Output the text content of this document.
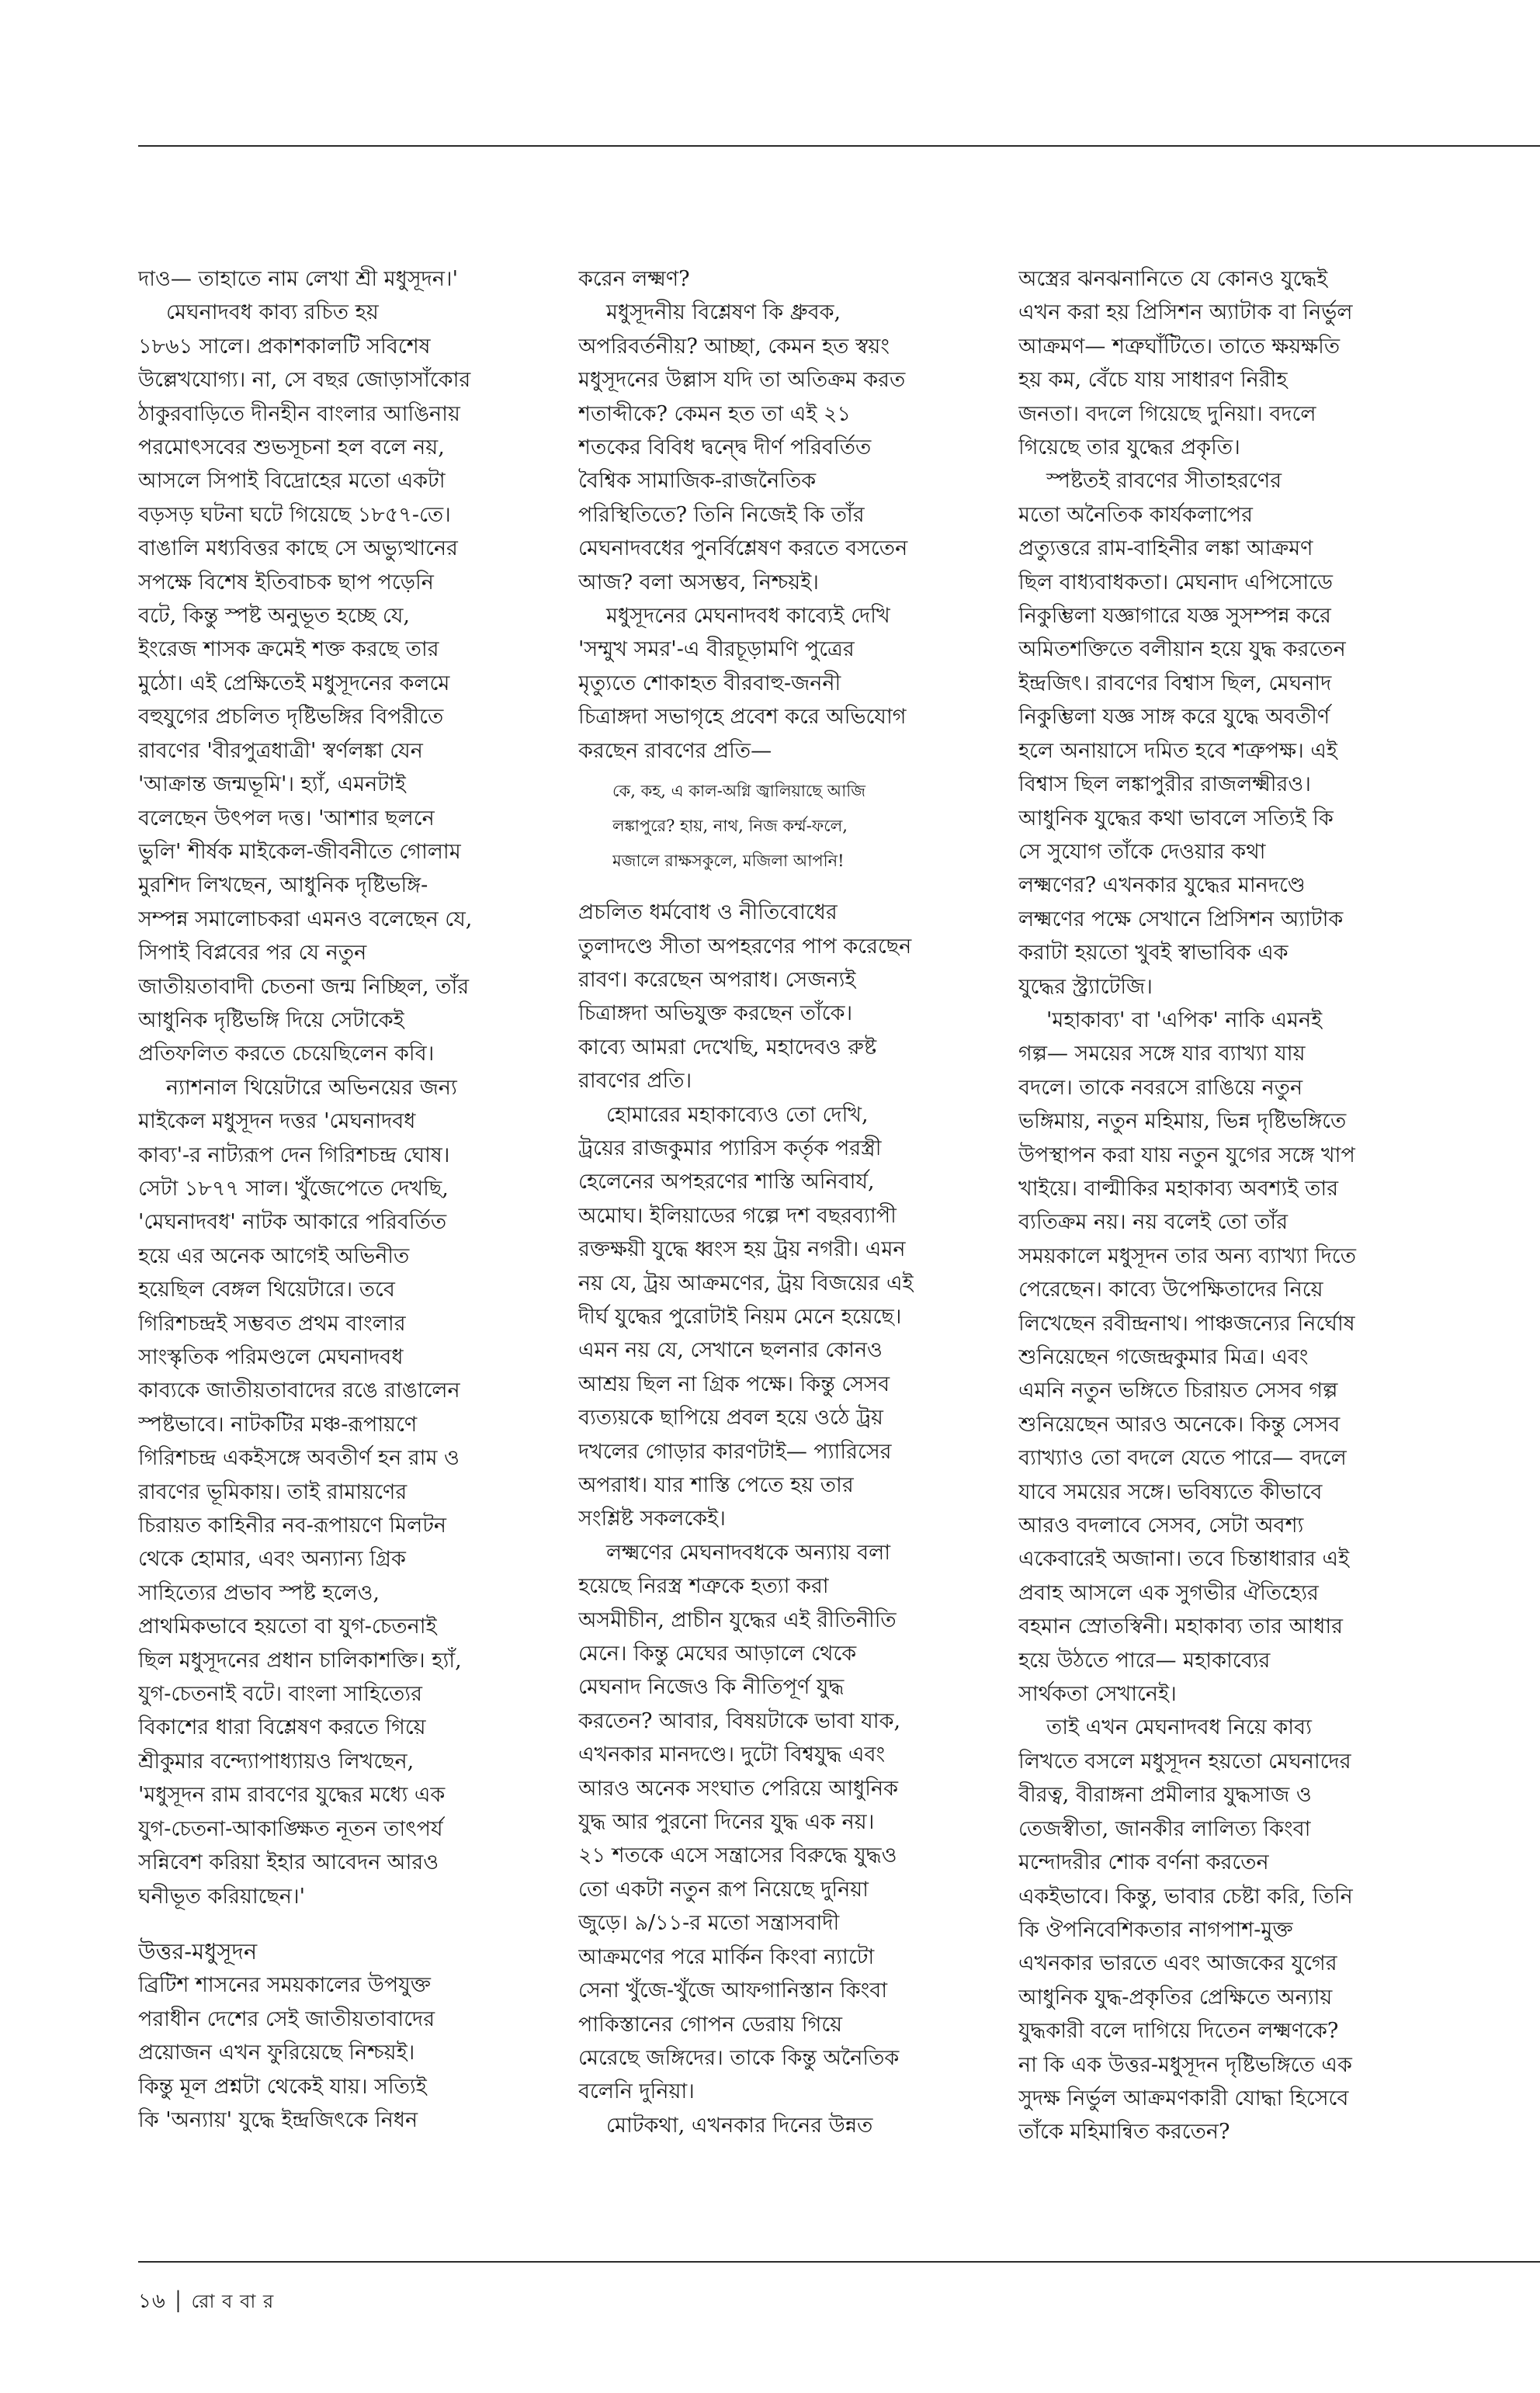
দাও— তাহাতে নাম লেখা শ্রী মধুসূদন।'
মেঘনাদবধ কাব্য রচিত হয়
১৮৬১ সালে। প্রকাশকালটি সবিশেষ
উল্লেখযোগ্য। না, সে বছর জোড়াসাঁকোর
ঠাকুরবাড়িতে দীনহীন বাংলার আঙিনায়
পরমোৎসবের শুভসূচনা হল বলে নয়,
আসলে সিপাই বিদ্রোহের মতো একটা
বড়সড় ঘটনা ঘটে গিয়েছে ১৮৫৭-তে।
বাঙালি মধ্যবিত্তর কাছে সে অভ্যুত্থানের
সপক্ষে বিশেষ ইতিবাচক ছাপ পড়েনি
বটে, কিন্তু স্পষ্ট অনুভূত হচ্ছে যে,
ইংরেজ শাসক ক্রমেই শক্ত করছে তার
মুঠো। এই প্রেক্ষিতেই মধুসূদনের কলমে
বহুযুগের প্রচলিত দৃষ্টিভঙ্গির বিপরীতে
রাবণের 'বীরপুত্রধাত্রী' স্বর্ণলঙ্কা যেন
'আক্রান্ত জন্মভূমি'। হ্যাঁ, এমনটাই
বলেছেন উৎপল দত্ত। 'আশার ছলনে
ভুলি' শীর্ষক মাইকেল-জীবনীতে গোলাম
মুরশিদ লিখছেন, আধুনিক দৃষ্টিভঙ্গি-
সম্পন্ন সমালোচকরা এমনও বলেছেন যে,
সিপাই বিপ্লবের পর যে নতুন
জাতীয়তাবাদী চেতনা জন্ম নিচ্ছিল, তাঁর
আধুনিক দৃষ্টিভঙ্গি দিয়ে সেটাকেই
প্রতিফলিত করতে চেয়েছিলেন কবি।
ন্যাশনাল থিয়েটারে অভিনয়ের জন্য
মাইকেল মধুসূদন দত্তর 'মেঘনাদবধ
কাব্য'-র নাট্যরূপ দেন গিরিশচন্দ্র ঘোষ।
সেটা ১৮৭৭ সাল। খুঁজেপেতে দেখছি,
'মেঘনাদবধ' নাটক আকারে পরিবর্তিত
হয়ে এর অনেক আগেই অভিনীত
হয়েছিল বেঙ্গল থিয়েটারে। তবে
গিরিশচন্দ্রই সম্ভবত প্রথম বাংলার
সাংস্কৃতিক পরিমণ্ডলে মেঘনাদবধ
কাব্যকে জাতীয়তাবাদের রঙে রাঙালেন
স্পষ্টভাবে। নাটকটির মঞ্চ-রূপায়ণে
গিরিশচন্দ্র একইসঙ্গে অবতীর্ণ হন রাম ও
রাবণের ভূমিকায়। তাই রামায়ণের
চিরায়ত কাহিনীর নব-রূপায়ণে মিলটন
থেকে হোমার, এবং অন্যান্য গ্রিক
সাহিত্যের প্রভাব স্পষ্ট হলেও,
প্রাথমিকভাবে হয়তো বা যুগ-চেতনাই
ছিল মধুসূদনের প্রধান চালিকাশক্তি। হ্যাঁ,
যুগ-চেতনাই বটে। বাংলা সাহিত্যের
বিকাশের ধারা বিশ্লেষণ করতে গিয়ে
শ্রীকুমার বন্দ্যোপাধ্যায়ও লিখছেন,
'মধুসূদন রাম রাবণের যুদ্ধের মধ্যে এক
যুগ-চেতনা-আকাঙ্ক্ষিত নূতন তাৎপর্য
সন্নিবেশ করিয়া ইহার আবেদন আরও
ঘনীভূত করিয়াছেন।'
উত্তর-মধুসূদন
ব্রিটিশ শাসনের সময়কালের উপযুক্ত
পরাধীন দেশের সেই জাতীয়তাবাদের
প্রয়োজন এখন ফুরিয়েছে নিশ্চয়ই।
কিন্তু মূল প্রশ্নটা থেকেই যায়। সত্যিই
কি 'অন্যায়' যুদ্ধে ইন্দ্রজিৎকে নিধন
করেন লক্ষ্মণ?
মধুসূদনীয় বিশ্লেষণ কি ধ্রুবক,
অপরিবর্তনীয়? আচ্ছা, কেমন হত স্বয়ং
মধুসূদনের উল্লাস যদি তা অতিক্রম করত
শতাব্দীকে? কেমন হত তা এই ২১
শতকের বিবিধ দ্বন্দ্বে দীর্ণ পরিবর্তিত
বৈশ্বিক সামাজিক-রাজনৈতিক
পরিস্থিতিতে? তিনি নিজেই কি তাঁর
মেঘনাদবধের পুনর্বিশ্লেষণ করতে বসতেন
আজ? বলা অসম্ভব, নিশ্চয়ই।
মধুসূদনের মেঘনাদবধ কাব্যেই দেখি
'সম্মুখ সমর'-এ বীরচূড়ামণি পুত্রের
মৃত্যুতে শোকাহত বীরবাহু-জননী
চিত্রাঙ্গদা সভাগৃহে প্রবেশ করে অভিযোগ
করছেন রাবণের প্রতি—
কে, কহ, এ কাল-অগ্নি জ্বালিয়াছে আজি
লঙ্কাপুরে? হায়, নাথ, নিজ কর্ম্ম-ফলে,
মজালে রাক্ষসকুলে, মজিলা আপনি!
প্রচলিত ধর্মবোধ ও নীতিবোধের
তুলাদণ্ডে সীতা অপহরণের পাপ করেছেন
রাবণ। করেছেন অপরাধ। সেজন্যই
চিত্রাঙ্গদা অভিযুক্ত করছেন তাঁকে।
কাব্যে আমরা দেখেছি, মহাদেবও রুষ্ট
রাবণের প্রতি।
হোমারের মহাকাব্যেও তো দেখি,
ট্রয়ের রাজকুমার প্যারিস কর্তৃক পরস্ত্রী
হেলেনের অপহরণের শাস্তি অনিবার্য,
অমোঘ। ইলিয়াডের গল্পে দশ বছরব্যাপী
রক্তক্ষয়ী যুদ্ধে ধ্বংস হয় ট্রয় নগরী। এমন
নয় যে, ট্রয় আক্রমণের, ট্রয় বিজয়ের এই
দীর্ঘ যুদ্ধের পুরোটাই নিয়ম মেনে হয়েছে।
এমন নয় যে, সেখানে ছলনার কোনও
আশ্রয় ছিল না গ্রিক পক্ষে। কিন্তু সেসব
ব্যত্যয়কে ছাপিয়ে প্রবল হয়ে ওঠে ট্রয়
দখলের গোড়ার কারণটাই— প্যারিসের
অপরাধ। যার শাস্তি পেতে হয় তার
সংশ্লিষ্ট সকলকেই।
লক্ষ্মণের মেঘনাদবধকে অন্যায় বলা
হয়েছে নিরস্ত্র শত্রুকে হত্যা করা
অসমীচীন, প্রাচীন যুদ্ধের এই রীতিনীতি
মেনে। কিন্তু মেঘের আড়ালে থেকে
মেঘনাদ নিজেও কি নীতিপূর্ণ যুদ্ধ
করতেন? আবার, বিষয়টাকে ভাবা যাক,
এখনকার মানদণ্ডে। দুটো বিশ্বযুদ্ধ এবং
আরও অনেক সংঘাত পেরিয়ে আধুনিক
যুদ্ধ আর পুরনো দিনের যুদ্ধ এক নয়।
২১ শতকে এসে সন্ত্রাসের বিরুদ্ধে যুদ্ধও
তো একটা নতুন রূপ নিয়েছে দুনিয়া
জুড়ে। ৯/১১-র মতো সন্ত্রাসবাদী
আক্রমণের পরে মার্কিন কিংবা ন্যাটো
সেনা খুঁজে-খুঁজে আফগানিস্তান কিংবা
পাকিস্তানের গোপন ডেরায় গিয়ে
মেরেছে জঙ্গিদের। তাকে কিন্তু অনৈতিক
বলেনি দুনিয়া।
মোটকথা, এখনকার দিনের উন্নত
অস্ত্রের ঝনঝনানিতে যে কোনও যুদ্ধেই
এখন করা হয় প্রিসিশন অ্যাটাক বা নির্ভুল
আক্রমণ— শত্রুঘাঁটিতে। তাতে ক্ষয়ক্ষতি
হয় কম, বেঁচে যায় সাধারণ নিরীহ
জনতা। বদলে গিয়েছে দুনিয়া। বদলে
গিয়েছে তার যুদ্ধের প্রকৃতি।
স্পষ্টতই রাবণের সীতাহরণের
মতো অনৈতিক কার্যকলাপের
প্রত্যুত্তরে রাম-বাহিনীর লঙ্কা আক্রমণ
ছিল বাধ্যবাধকতা। মেঘনাদ এপিসোডে
নিকুম্ভিলা যজ্ঞাগারে যজ্ঞ সুসম্পন্ন করে
অমিতশক্তিতে বলীয়ান হয়ে যুদ্ধ করতেন
ইন্দ্রজিৎ। রাবণের বিশ্বাস ছিল, মেঘনাদ
নিকুম্ভিলা যজ্ঞ সাঙ্গ করে যুদ্ধে অবতীর্ণ
হলে অনায়াসে দমিত হবে শত্রুপক্ষ। এই
বিশ্বাস ছিল লঙ্কাপুরীর রাজলক্ষ্মীরও।
আধুনিক যুদ্ধের কথা ভাবলে সত্যিই কি
সে সুযোগ তাঁকে দেওয়ার কথা
লক্ষ্মণের? এখনকার যুদ্ধের মানদণ্ডে
লক্ষ্মণের পক্ষে সেখানে প্রিসিশন অ্যাটাক
করাটা হয়তো খুবই স্বাভাবিক এক
যুদ্ধের স্ট্র্যাটেজি।
'মহাকাব্য' বা 'এপিক' নাকি এমনই
গল্প— সময়ের সঙ্গে যার ব্যাখ্যা যায়
বদলে। তাকে নবরসে রাঙিয়ে নতুন
ভঙ্গিমায়, নতুন মহিমায়, ভিন্ন দৃষ্টিভঙ্গিতে
উপস্থাপন করা যায় নতুন যুগের সঙ্গে খাপ
খাইয়ে। বাল্মীকির মহাকাব্য অবশ্যই তার
ব্যতিক্রম নয়। নয় বলেই তো তাঁর
সময়কালে মধুসূদন তার অন্য ব্যাখ্যা দিতে
পেরেছেন। কাব্যে উপেক্ষিতাদের নিয়ে
লিখেছেন রবীন্দ্রনাথ। পাঞ্চজন্যের নির্ঘোষ
শুনিয়েছেন গজেন্দ্রকুমার মিত্র। এবং
এমনি নতুন ভঙ্গিতে চিরায়ত সেসব গল্প
শুনিয়েছেন আরও অনেকে। কিন্তু সেসব
ব্যাখ্যাও তো বদলে যেতে পারে— বদলে
যাবে সময়ের সঙ্গে। ভবিষ্যতে কীভাবে
আরও বদলাবে সেসব, সেটা অবশ্য
একেবারেই অজানা। তবে চিন্তাধারার এই
প্রবাহ আসলে এক সুগভীর ঐতিহ্যের
বহমান স্রোতস্বিনী। মহাকাব্য তার আধার
হয়ে উঠতে পারে— মহাকাব্যের
সার্থকতা সেখানেই।
তাই এখন মেঘনাদবধ নিয়ে কাব্য
লিখতে বসলে মধুসূদন হয়তো মেঘনাদের
বীরত্ব, বীরাঙ্গনা প্রমীলার যুদ্ধসাজ ও
তেজস্বীতা, জানকীর লালিত্য কিংবা
মন্দোদরীর শোক বর্ণনা করতেন
একইভাবে। কিন্তু, ভাবার চেষ্টা করি, তিনি
কি ঔপনিবেশিকতার নাগপাশ-মুক্ত
এখনকার ভারতে এবং আজকের যুগের
আধুনিক যুদ্ধ-প্রকৃতির প্রেক্ষিতে অন্যায়
যুদ্ধকারী বলে দাগিয়ে দিতেন লক্ষ্মণকে?
না কি এক উত্তর-মধুসূদন দৃষ্টিভঙ্গিতে এক
সুদক্ষ নির্ভুল আক্রমণকারী যোদ্ধা হিসেবে
তাঁকে মহিমান্বিত করতেন?
১৬ │ রো ব বা র
